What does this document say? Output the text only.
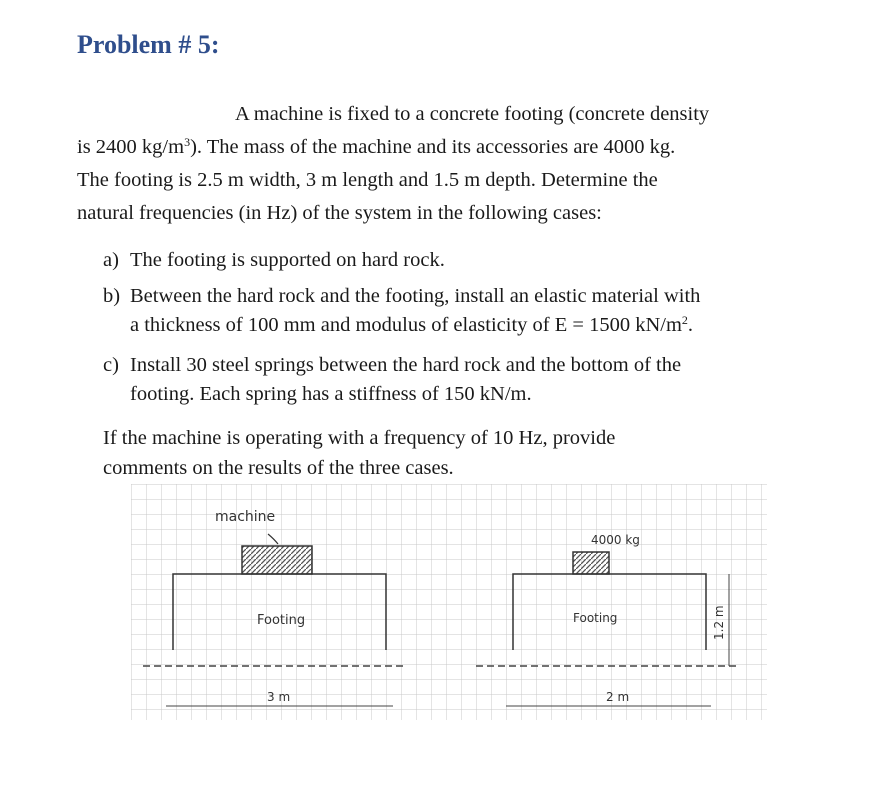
Problem # 5:
A machine is fixed to a concrete footing (concrete density
is 2400 $kg/m^3$). The mass of the machine and its accessories are 4000 kg.
The footing is 2.5 m width, 3 m length and 1.5 m depth. Determine the
natural frequencies (in Hz) of the system in the following cases:
a) The footing is supported on hard rock.
b) Between the hard rock and the footing, install an elastic material with
a thickness of 100 mm and modulus of elasticity of E = 1500 $kN/m^2$.
c) Install 30 steel springs between the hard rock and the bottom of the
footing. Each spring has a stiffness of 150 kN/m.
If the machine is operating with a frequency of 10 Hz, provide
comments on the results of the three cases.
machine
Footing
3 m
4000 kg
Footing
2 m
1.2 m
